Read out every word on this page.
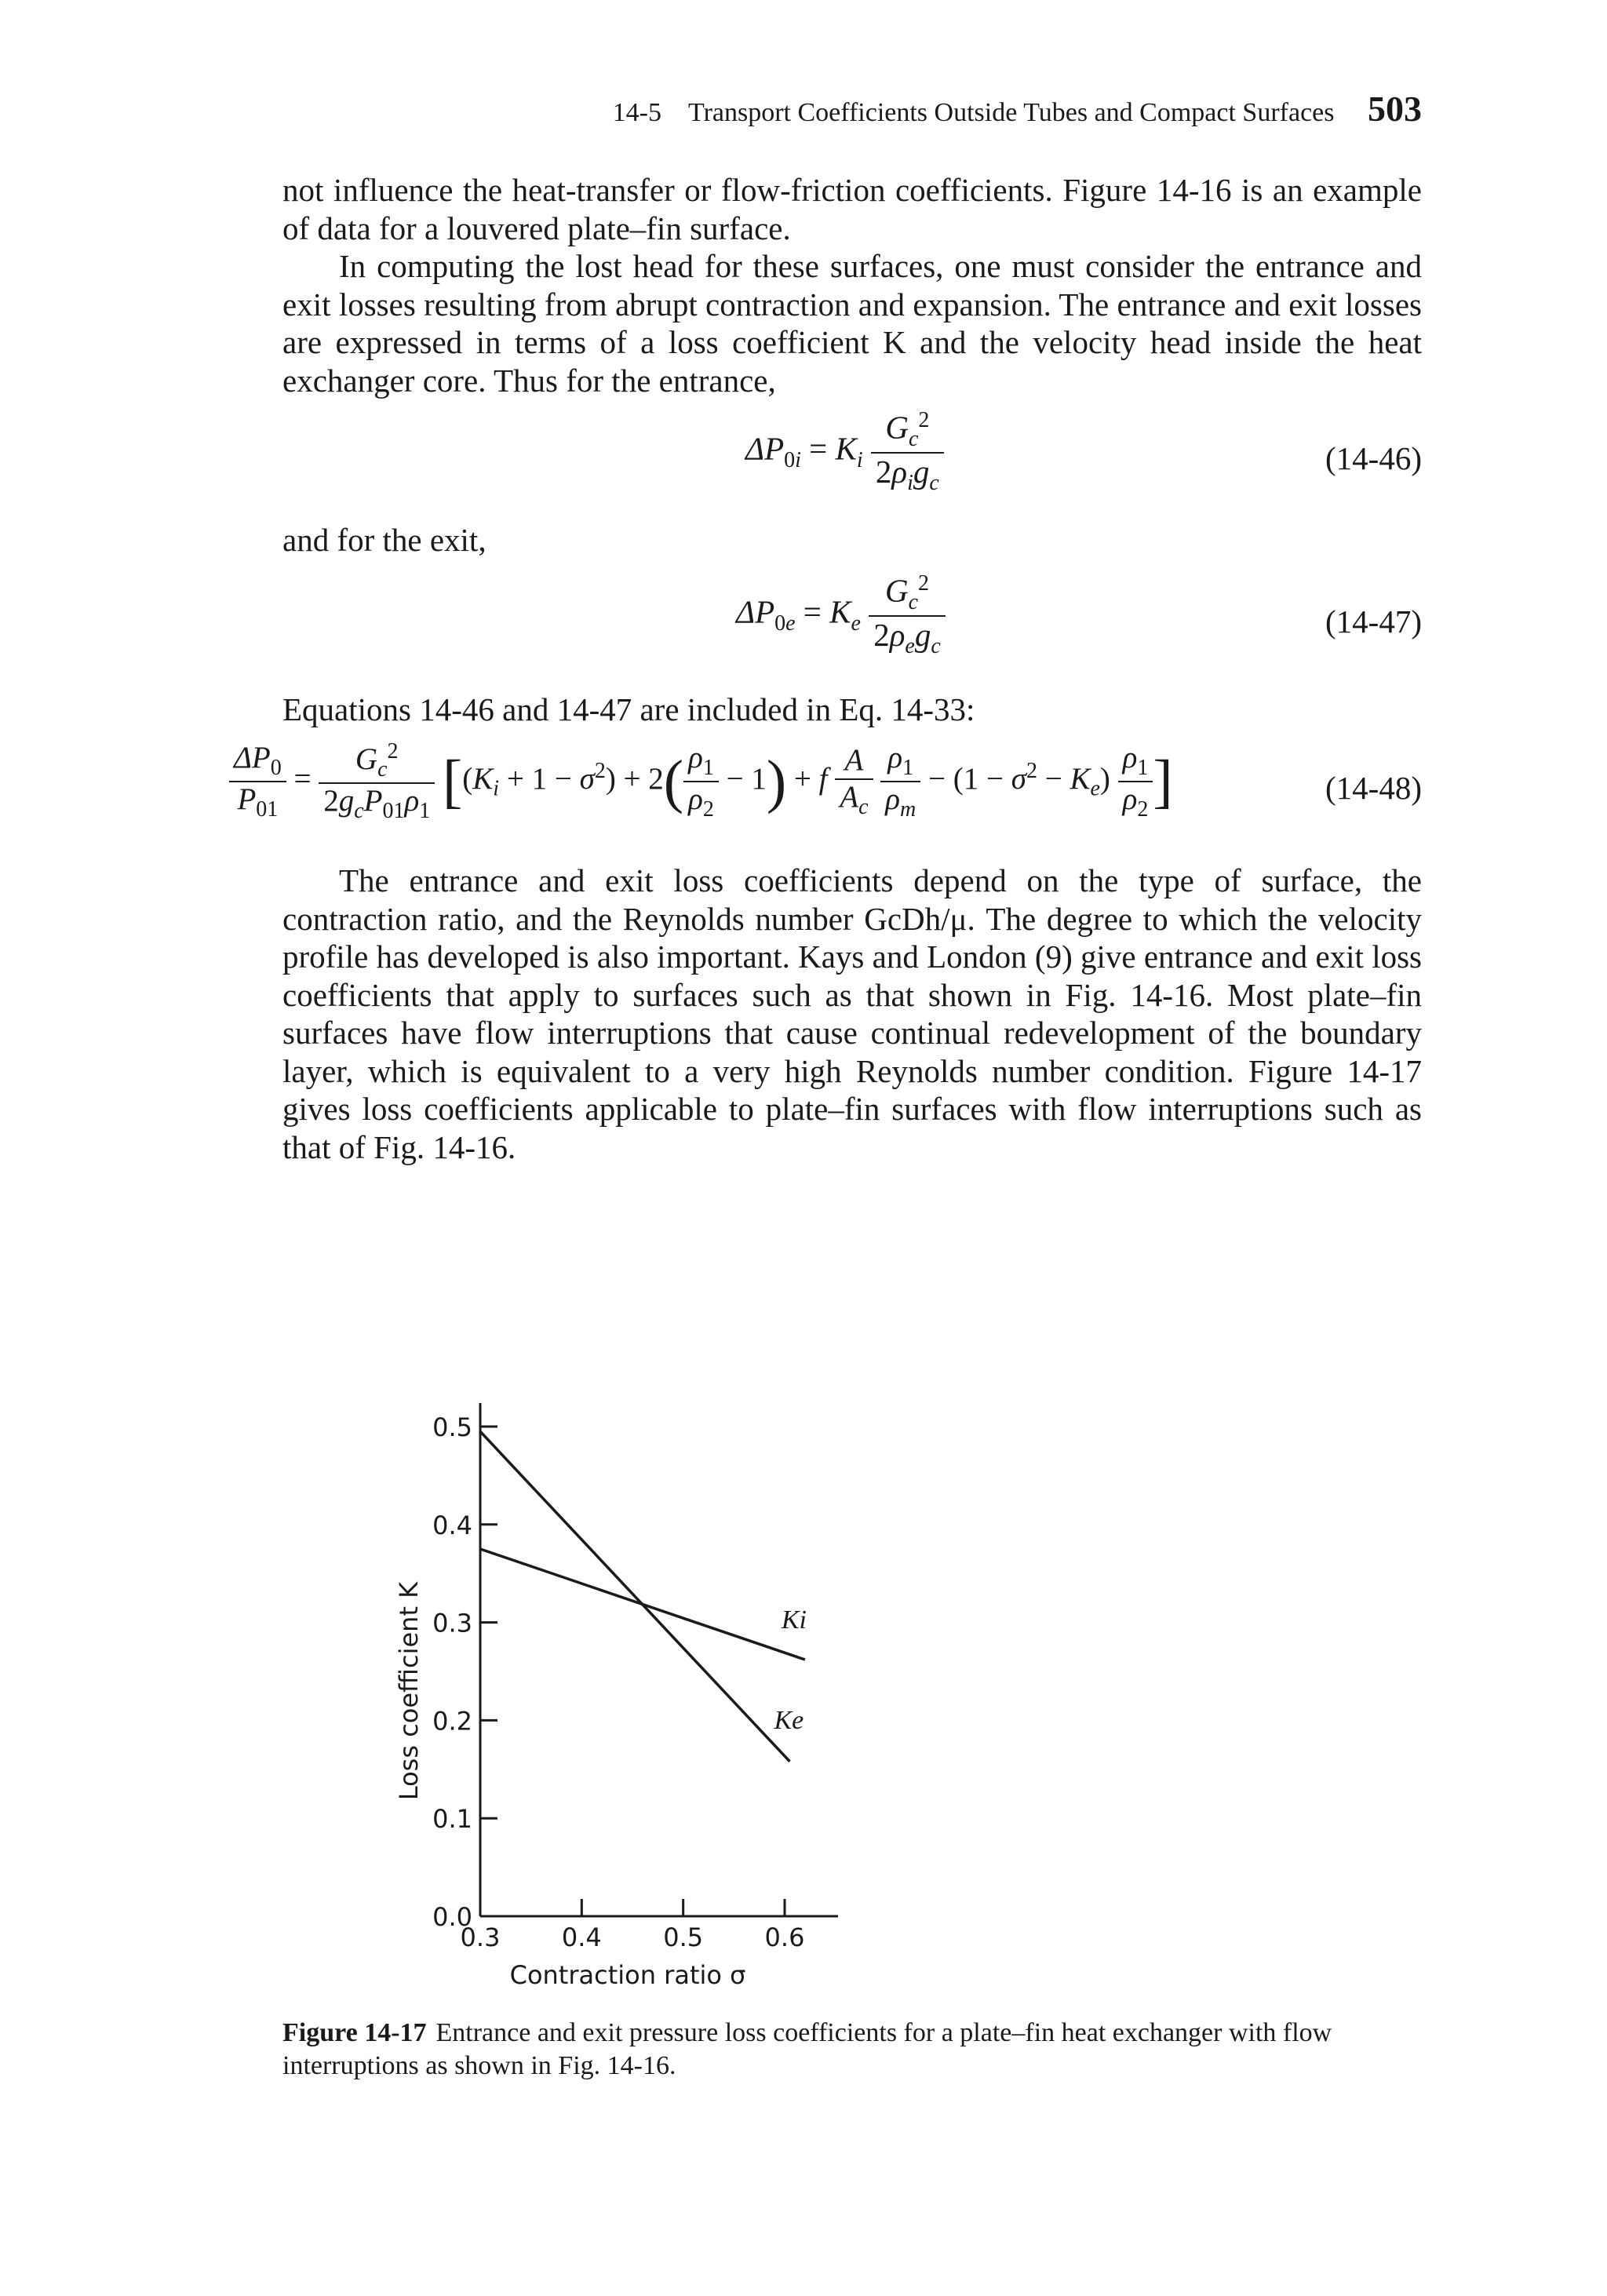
14-5 Transport Coefficients Outside Tubes and Compact Surfaces 503

not influence the heat-transfer or flow-friction coefficients. Figure 14-16 is an example of data for a louvered plate–fin surface.

In computing the lost head for these surfaces, one must consider the entrance and exit losses resulting from abrupt contraction and expansion. The entrance and exit losses are expressed in terms of a loss coefficient K and the velocity head inside the heat exchanger core. Thus for the entrance,

$\Delta P_{0i} = K_i \frac{G_c^2}{2\rho_ig_c}$	(14-46)

and for the exit,

$\Delta P_{0e} = K_e \frac{G_c^2}{2\rho_eg_c}$	(14-47)

Equations 14-46 and 14-47 are included in Eq. 14-33:

$\frac{\Delta P_0}{P_{01}} = \frac{G_c^2}{2g_cP_{01}\rho_1} [(K_i + 1 - \sigma^2) + 2( \frac{\rho_1}{\rho_2} - 1) + f \frac{A}{A_c}$
$\frac{\rho_1}{\rho_m} - (1 - \sigma^2 - K_e) \frac{\rho_1}{\rho_2}$ ]	(14-48)

The entrance and exit loss coefficients depend on the type of surface, the contraction ratio, and the Reynolds number GcDh/μ. The degree to which the velocity profile has developed is also important. Kays and London (9) give entrance and exit loss coefficients that apply to surfaces such as that shown in Fig. 14-16. Most plate–fin surfaces have flow interruptions that cause continual redevelopment of the boundary layer, which is equivalent to a very high Reynolds number condition. Figure 14-17 gives loss coefficients applicable to plate–fin surfaces with flow interruptions such as that of Fig. 14-16.

0.0
0.1
0.2
0.3
0.4
0.5
0.3 0.4 0.5 0.6
Ki
Ke
Loss coefficient K
Contraction ratio σ

Figure 14-17 Entrance and exit pressure loss coefficients for a plate–fin heat exchanger with flow interruptions as shown in Fig. 14-16.
